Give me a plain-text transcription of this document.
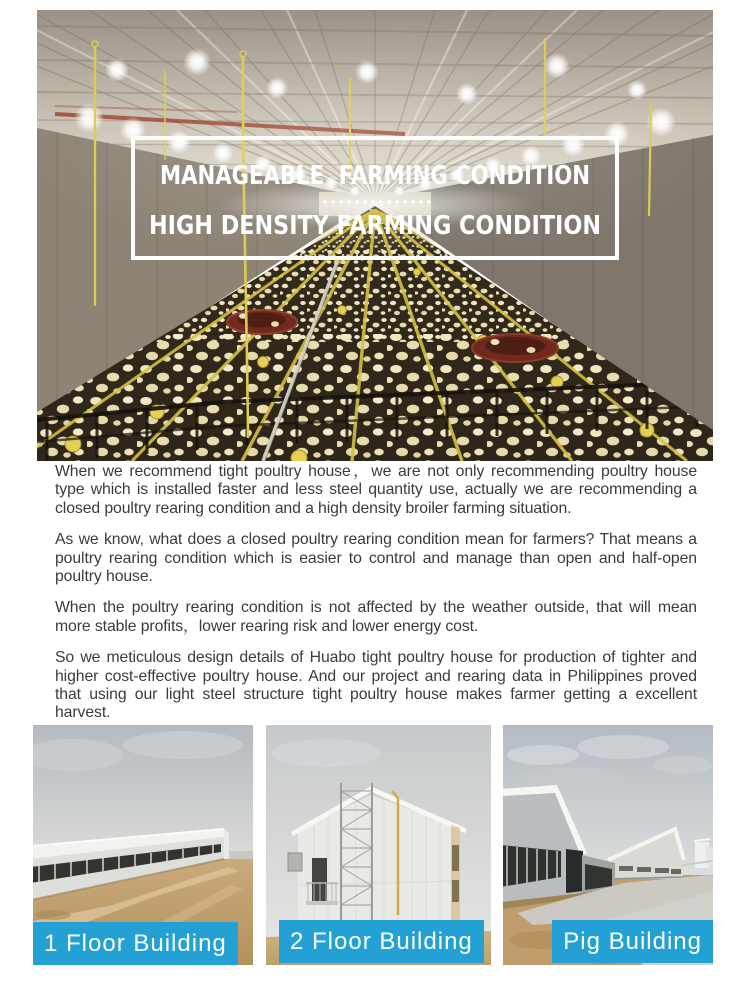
MANAGEABLE  FARMING CONDITION
HIGH DENSITY FARMING CONDITION

When we recommend tight poultry house，we are not only recommending poultry house type which is installed faster and less steel quantity use, actually we are recommending a closed poultry rearing condition and a high density broiler farming situation.

As we know, what does a closed poultry rearing condition mean for farmers? That means a poultry rearing condition which is easier to control and manage than open and half-open poultry house.

When the poultry rearing condition is not affected by the weather outside, that will mean more stable profits，lower rearing risk and lower energy cost.

So we meticulous design details of Huabo tight poultry house for production of tighter and higher cost-effective poultry house. And our project and rearing data in Philippines proved that using our light steel structure tight poultry house makes farmer getting a excellent harvest.

1 Floor Building	2 Floor Building	Pig Building
